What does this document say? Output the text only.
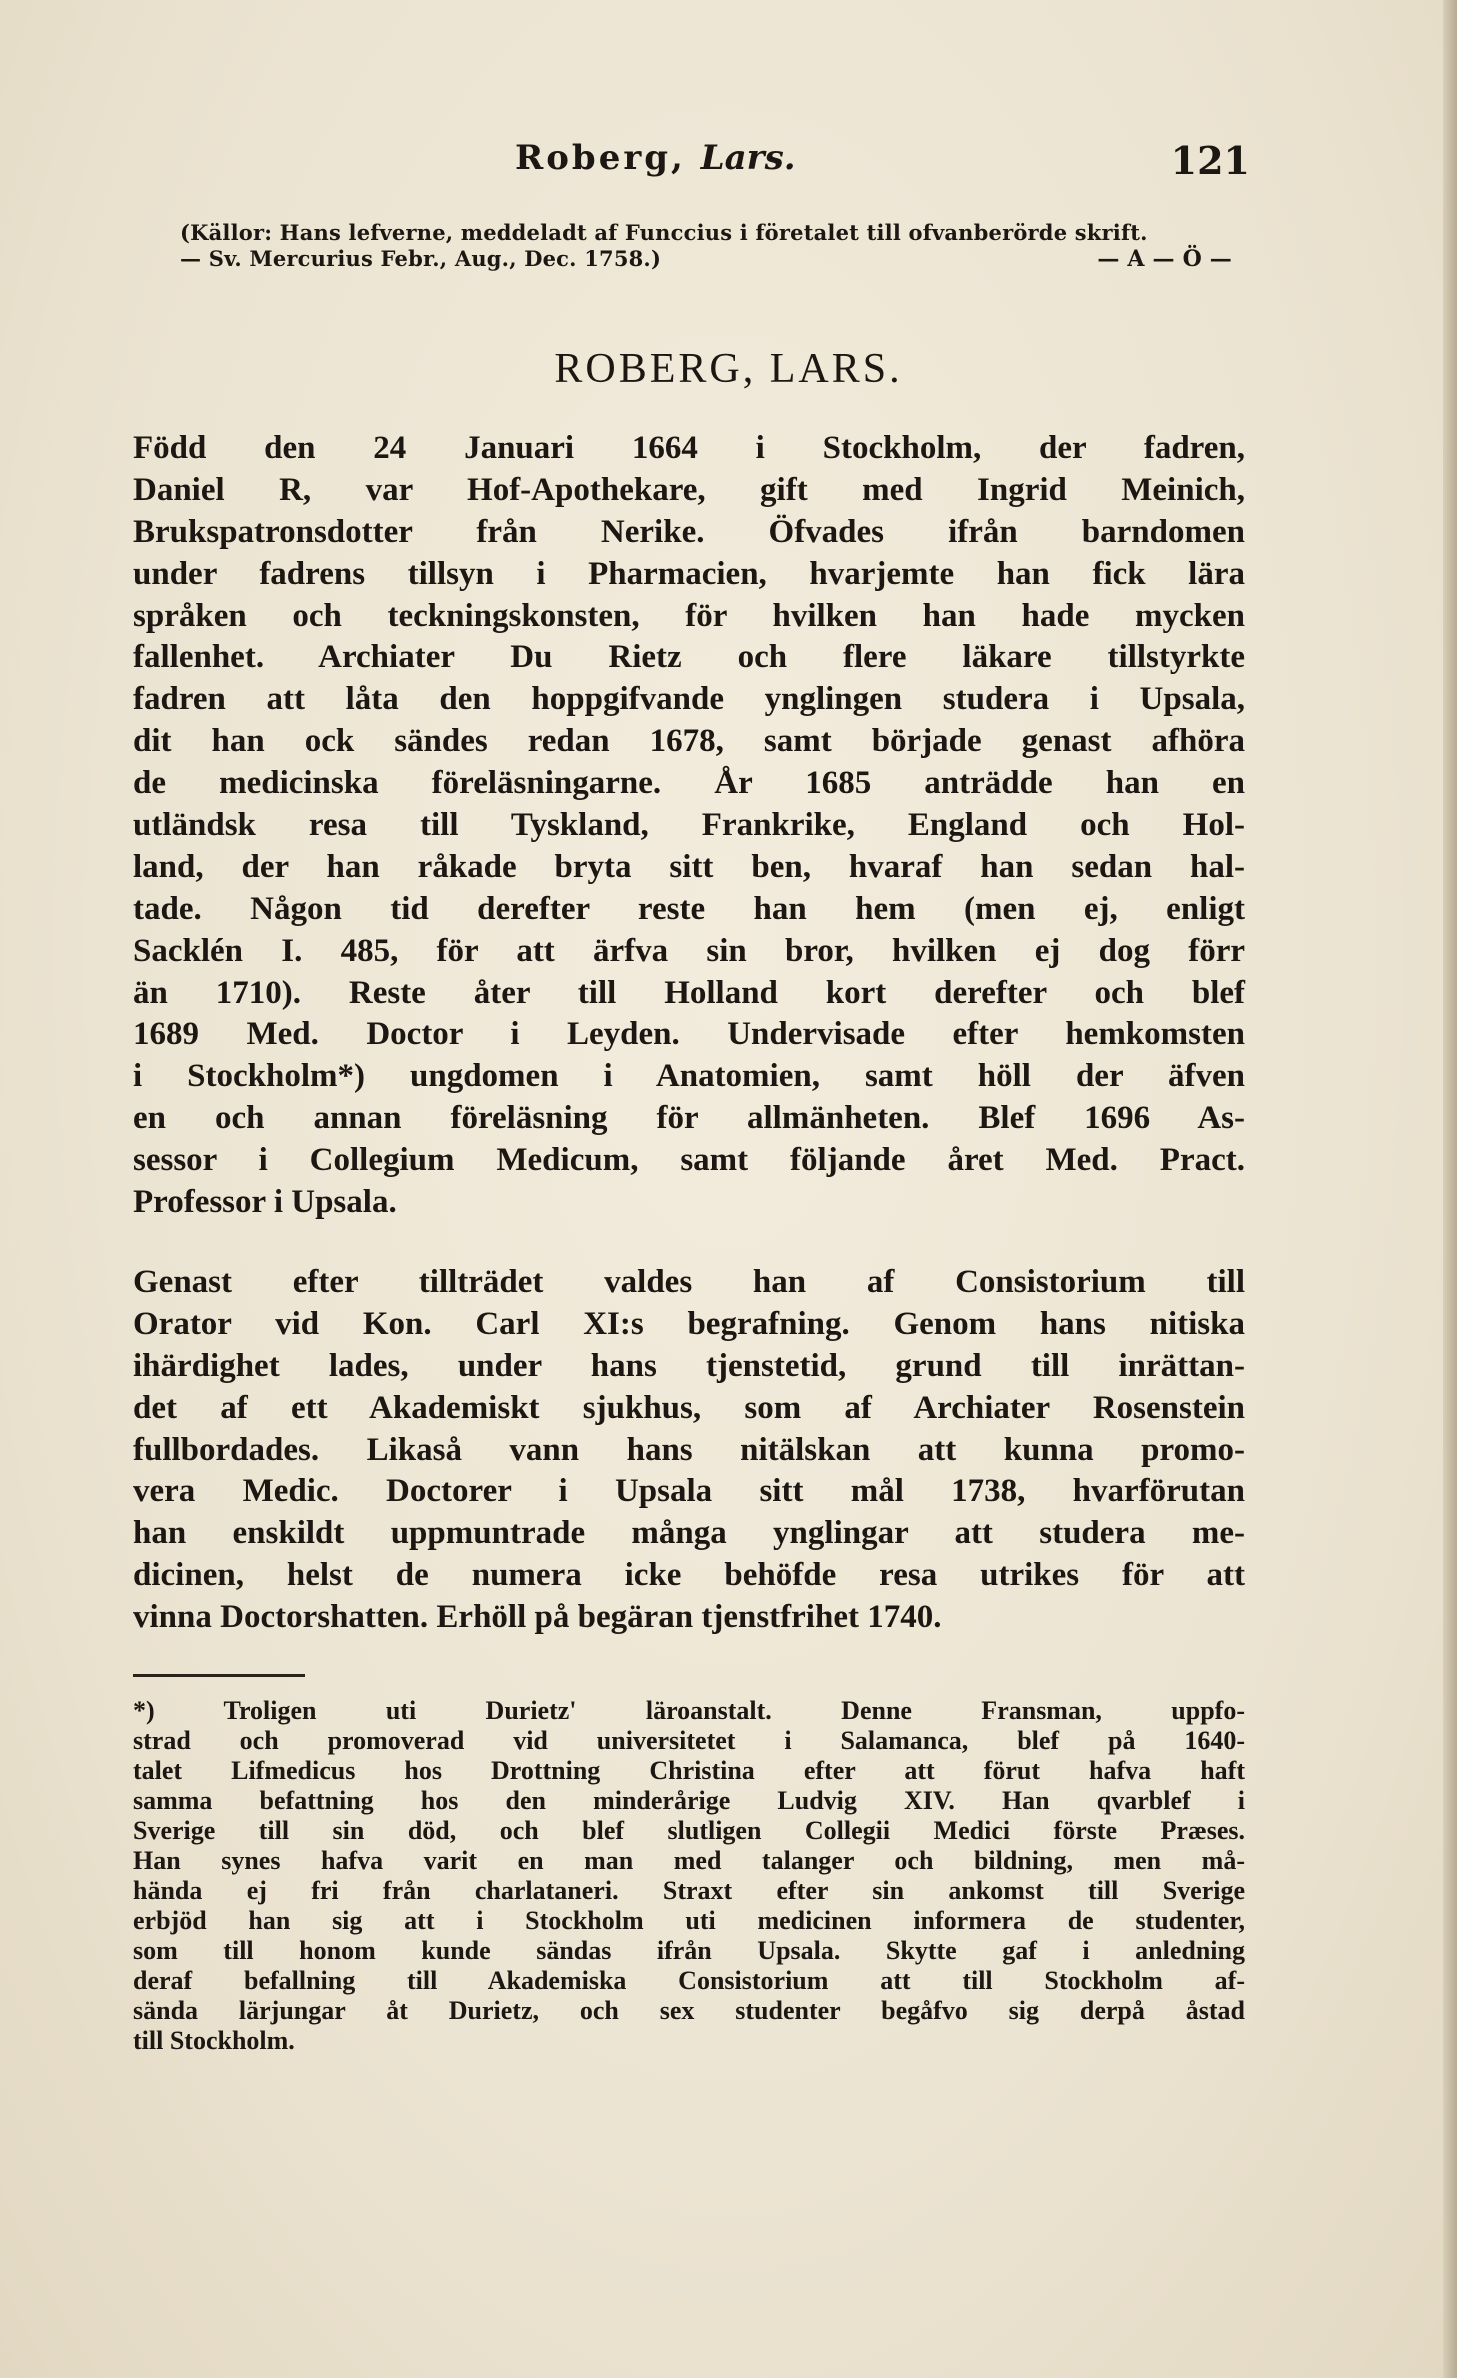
Roberg, Lars.	121
(Källor: Hans lefverne, meddeladt af Funccius i företalet till ofvanberörde skrift.
— Sv. Mercurius Febr., Aug., Dec. 1758.)	— A — Ö —
ROBERG, LARS.
Född den 24 Januari 1664 i Stockholm, der fadren,
Daniel R, var Hof-Apothekare, gift med Ingrid Meinich,
Brukspatronsdotter från Nerike. Öfvades ifrån barndomen
under fadrens tillsyn i Pharmacien, hvarjemte han fick lära
språken och teckningskonsten, för hvilken han hade mycken
fallenhet. Archiater Du Rietz och flere läkare tillstyrkte
fadren att låta den hoppgifvande ynglingen studera i Upsala,
dit han ock sändes redan 1678, samt började genast afhöra
de medicinska föreläsningarne. År 1685 anträdde han en
utländsk resa till Tyskland, Frankrike, England och Hol-
land, der han råkade bryta sitt ben, hvaraf han sedan hal-
tade. Någon tid derefter reste han hem (men ej, enligt
Sacklén I. 485, för att ärfva sin bror, hvilken ej dog förr
än 1710). Reste åter till Holland kort derefter och blef
1689 Med. Doctor i Leyden. Undervisade efter hemkomsten
i Stockholm*) ungdomen i Anatomien, samt höll der äfven
en och annan föreläsning för allmänheten. Blef 1696 As-
sessor i Collegium Medicum, samt följande året Med. Pract.
Professor i Upsala.
Genast efter tillträdet valdes han af Consistorium till
Orator vid Kon. Carl XI:s begrafning. Genom hans nitiska
ihärdighet lades, under hans tjenstetid, grund till inrättan-
det af ett Akademiskt sjukhus, som af Archiater Rosenstein
fullbordades. Likaså vann hans nitälskan att kunna promo-
vera Medic. Doctorer i Upsala sitt mål 1738, hvarförutan
han enskildt uppmuntrade många ynglingar att studera me-
dicinen, helst de numera icke behöfde resa utrikes för att
vinna Doctorshatten. Erhöll på begäran tjenstfrihet 1740.
*) Troligen uti Durietz' läroanstalt. Denne Fransman, uppfo-
strad och promoverad vid universitetet i Salamanca, blef på 1640-
talet Lifmedicus hos Drottning Christina efter att förut hafva haft
samma befattning hos den minderårige Ludvig XIV. Han qvarblef i
Sverige till sin död, och blef slutligen Collegii Medici förste Præses.
Han synes hafva varit en man med talanger och bildning, men må-
hända ej fri från charlataneri. Straxt efter sin ankomst till Sverige
erbjöd han sig att i Stockholm uti medicinen informera de studenter,
som till honom kunde sändas ifrån Upsala. Skytte gaf i anledning
deraf befallning till Akademiska Consistorium att till Stockholm af-
sända lärjungar åt Durietz, och sex studenter begåfvo sig derpå åstad
till Stockholm.
